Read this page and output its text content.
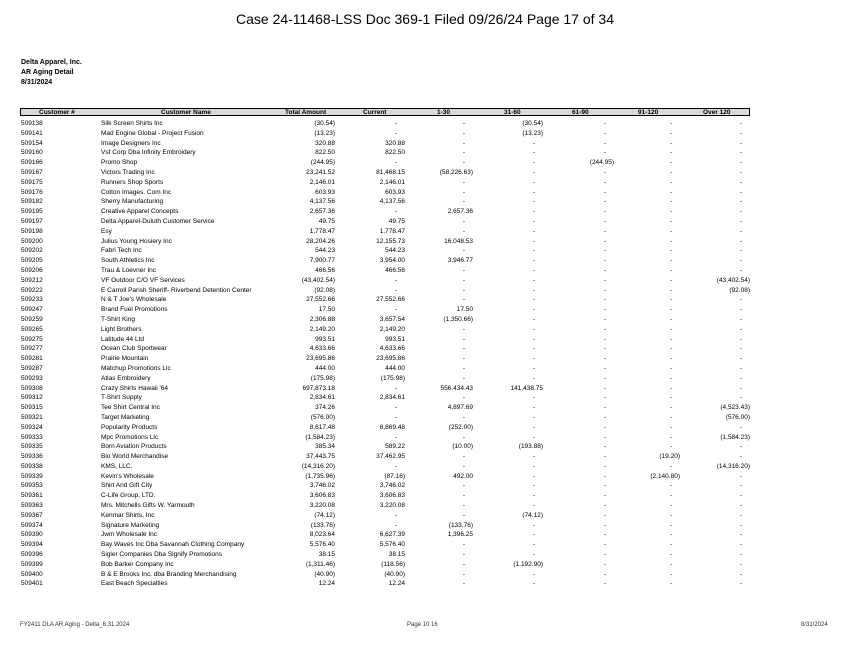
Case 24-11468-LSS Doc 369-1 Filed 09/26/24 Page 17 of 34
Delta Apparel, Inc.
AR Aging Detail
8/31/2024
Customer #	Customer Name	Total Amount	Current	1-30	31-60	61-90	91-120	Over 120
509138	Silk Screen Shirts Inc	(30.54)	-	-	(30.54)	-	-	-
509141	Mad Engine Global - Project Fusion	(13.23)	-	-	(13.23)	-	-	-
509154	Image Designers Inc	320.88	320.88	-	-	-	-	-
509160	Vsf Corp Dba Infinity Embroidery	822.50	822.50	-	-	-	-	-
509166	Promo Shop	(244.95)	-	-	-	(244.95)	-	-
509167	Victors Trading Inc	23,241.52	81,468.15	(58,226.63)	-	-	-	-
509175	Runners Shop Sports	2,146.01	2,146.01	-	-	-	-	-
509176	Cotton Images. Com Inc	603.93	603.93	-	-	-	-	-
509182	Sherry Manufacturing	4,137.56	4,137.56	-	-	-	-	-
509195	Creative Apparel Concepts	2,657.36	-	2,657.36	-	-	-	-
509197	Delta Apparel-Duluth Customer Service	49.75	49.75	-	-	-	-	-
509198	Esy	1,778.47	1,778.47	-	-	-	-	-
509200	Julius Young Hosiery Inc	28,204.26	12,155.73	16,048.53	-	-	-	-
509202	Fabri Tech Inc	544.23	544.23	-	-	-	-	-
509205	South Athletics Inc	7,900.77	3,954.00	3,946.77	-	-	-	-
509206	Trau & Loevner Inc	466.56	466.56	-	-	-	-	-
509212	VF Outdoor C/O VF Services	(43,402.54)	-	-	-	-	-	(43,402.54)
509222	E Carroll Parish Sheriff- Riverbend Detention Center	(92.08)	-	-	-	-	-	(92.08)
509233	N & T Joe's Wholesale	27,552.66	27,552.66	-	-	-	-	-
509247	Brand Fuel Promotions	17.50	-	17.50	-	-	-	-
509259	T-Shirt King	2,306.88	3,657.54	(1,350.66)	-	-	-	-
509265	Light Brothers	2,149.20	2,149.20	-	-	-	-	-
509275	Latitude 44 Ltd	993.51	993.51	-	-	-	-	-
509277	Ocean Club Sportwear	4,633.66	4,633.66	-	-	-	-	-
509281	Prairie Mountain	23,695.86	23,695.86	-	-	-	-	-
509287	Matchup Promotions Llc	444.00	444.00	-	-	-	-	-
509293	Atlas Embroidery	(175.98)	(175.98)	-	-	-	-	-
509308	Crazy Shirts Hawaii '64	697,873.18	-	556,434.43	141,438.75	-	-	-
509312	T-Shirt Supply	2,834.61	2,834.61	-	-	-	-	-
509315	Tee Shirt Central Inc	374.26	-	4,897.69	-	-	-	(4,523.43)
509321	Target Marketing	(576.00)	-	-	-	-	-	(576.00)
509324	Popularity Products	8,617.48	8,869.48	(252.00)	-	-	-	-
509333	Mpc Promotions Llc	(1,584.23)	-	-	-	-	-	(1,584.23)
509335	Born Aviation Products	385.34	589.22	(10.00)	(193.88)	-	-	-
509336	Bio World Merchandise	37,443.75	37,462.95	-	-	-	(19.20)	-
509338	KMS, LLC.	(14,316.20)	-	-	-	-	-	(14,316.20)
509339	Kevin's Wholesale	(1,735.96)	(87.16)	492.00	-	-	(2,140.80)	-
509353	Shirt And Gift City	3,746.02	3,746.02	-	-	-	-	-
509361	C-Life Group, LTD.	3,606.83	3,606.83	-	-	-	-	-
509363	Mrs. Mitchells Gifts W. Yarmouth	3,220.08	3,220.08	-	-	-	-	-
509367	Kenmar Shirts, Inc	(74.12)	-	-	(74.12)	-	-	-
509374	Signature Marketing	(133.76)	-	(133.76)	-	-	-	-
509390	Jwm Wholesale Inc	8,023.64	6,627.39	1,396.25	-	-	-	-
509394	Bay Waves Inc Dba Savannah Clothing Company	5,576.40	5,576.40	-	-	-	-	-
509396	Sigler Companies Dba Signify Promotions	38.15	38.15	-	-	-	-	-
509399	Bob Barker Company Inc	(1,311.46)	(118.56)	-	(1,192.90)	-	-	-
509400	B & E Brooks Inc. dba Branding Merchandising	(40.90)	(40.90)	-	-	-	-	-
509401	East Beach Specialties	12.24	12.24	-	-	-	-	-
FY2411 DLA AR Aging - Delta_8.31.2024	Page 10 16	8/31/2024
